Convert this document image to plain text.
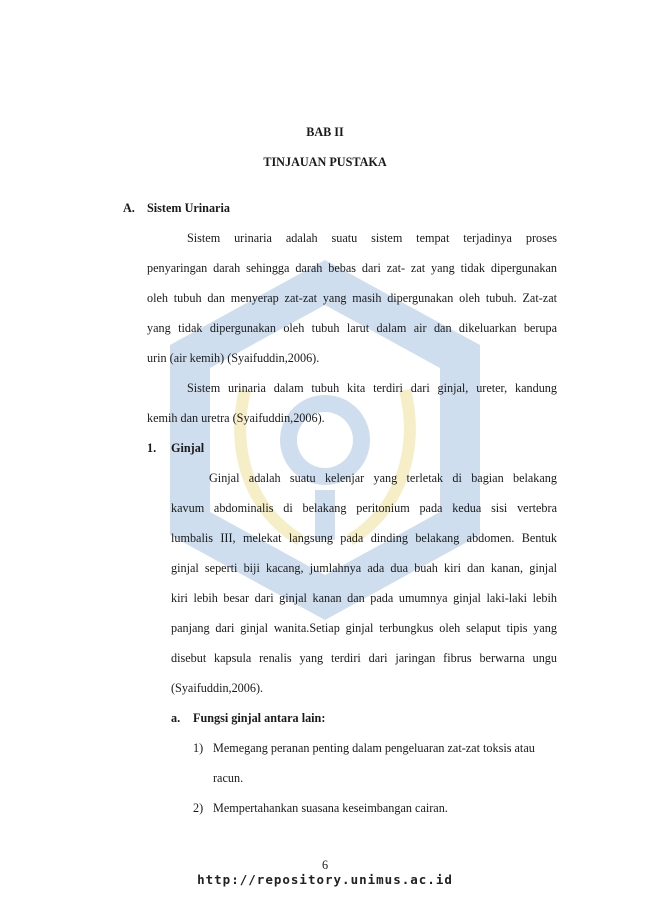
BAB II
TINJAUAN PUSTAKA
A. Sistem Urinaria
Sistem urinaria adalah suatu sistem tempat terjadinya proses
penyaringan darah sehingga darah bebas dari zat- zat yang tidak dipergunakan
oleh tubuh dan menyerap zat-zat yang masih dipergunakan oleh tubuh. Zat-zat
yang tidak dipergunakan oleh tubuh larut dalam air dan dikeluarkan berupa
urin (air kemih) (Syaifuddin,2006).
Sistem urinaria dalam tubuh kita terdiri dari ginjal, ureter, kandung
kemih dan uretra (Syaifuddin,2006).
1. Ginjal
Ginjal adalah suatu kelenjar yang terletak di bagian belakang
kavum abdominalis di belakang peritonium pada kedua sisi vertebra
lumbalis III, melekat langsung pada dinding belakang abdomen. Bentuk
ginjal seperti biji kacang, jumlahnya ada dua buah kiri dan kanan, ginjal
kiri lebih besar dari ginjal kanan dan pada umumnya ginjal laki-laki lebih
panjang dari ginjal wanita.Setiap ginjal terbungkus oleh selaput tipis yang
disebut kapsula renalis yang terdiri dari jaringan fibrus berwarna ungu
(Syaifuddin,2006).
a. Fungsi ginjal antara lain:
1) Memegang peranan penting dalam pengeluaran zat-zat toksis atau
racun.
2) Mempertahankan suasana keseimbangan cairan.
6
http://repository.unimus.ac.id
